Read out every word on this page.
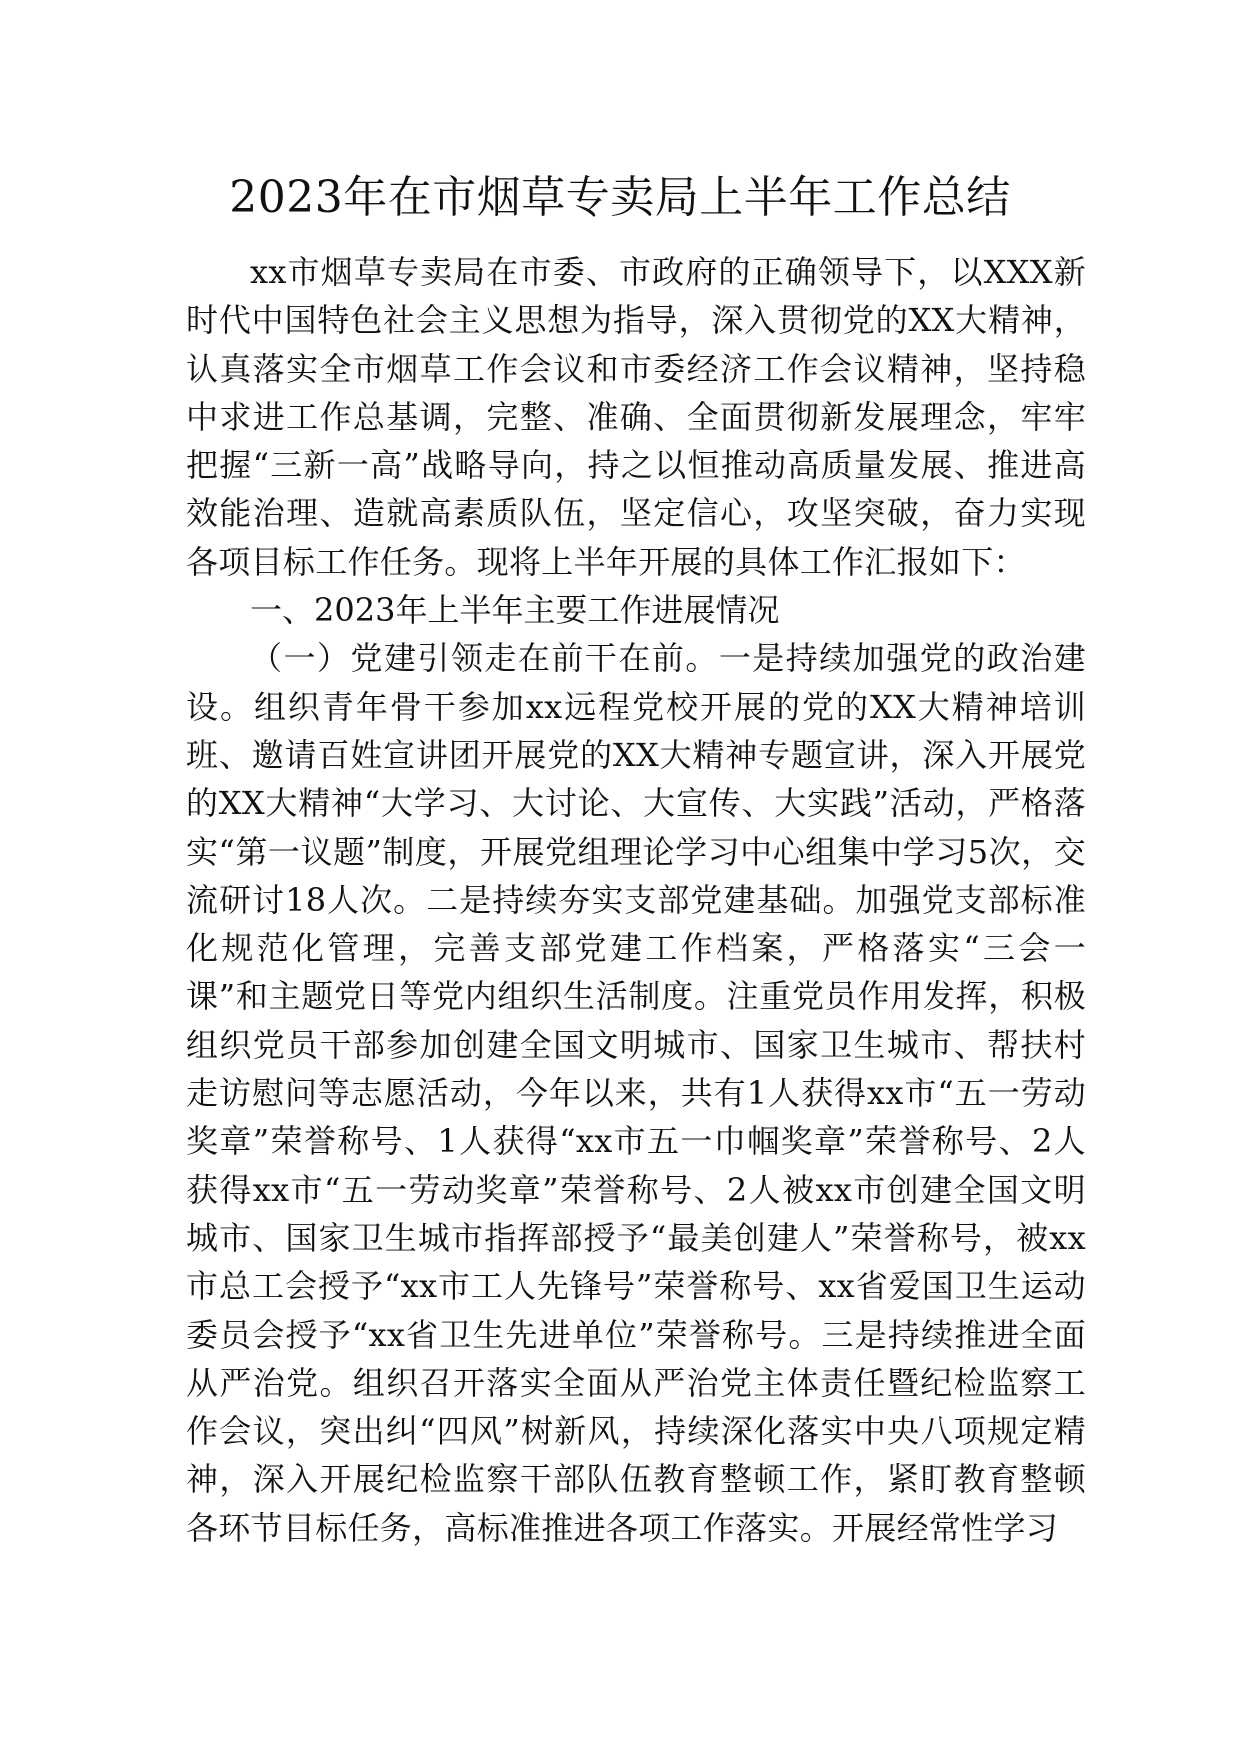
2023年在市烟草专卖局上半年工作总结

xx市烟草专卖局在市委、市政府的正确领导下，以XXX新时代中国特色社会主义思想为指导，深入贯彻党的XX大精神，认真落实全市烟草工作会议和市委经济工作会议精神，坚持稳中求进工作总基调，完整、准确、全面贯彻新发展理念，牢牢把握“三新一高”战略导向，持之以恒推动高质量发展、推进高效能治理、造就高素质队伍，坚定信心，攻坚突破，奋力实现各项目标工作任务。现将上半年开展的具体工作汇报如下：

一、2023年上半年主要工作进展情况

（一）党建引领走在前干在前。一是持续加强党的政治建设。组织青年骨干参加xx远程党校开展的党的XX大精神培训班、邀请百姓宣讲团开展党的XX大精神专题宣讲，深入开展党的XX大精神“大学习、大讨论、大宣传、大实践”活动，严格落实“第一议题”制度，开展党组理论学习中心组集中学习5次，交流研讨18人次。二是持续夯实支部党建基础。加强党支部标准化规范化管理，完善支部党建工作档案，严格落实“三会一课”和主题党日等党内组织生活制度。注重党员作用发挥，积极组织党员干部参加创建全国文明城市、国家卫生城市、帮扶村走访慰问等志愿活动，今年以来，共有1人获得xx市“五一劳动奖章”荣誉称号、1人获得“xx市五一巾帼奖章”荣誉称号、2人获得xx市“五一劳动奖章”荣誉称号、2人被xx市创建全国文明城市、国家卫生城市指挥部授予“最美创建人”荣誉称号，被xx市总工会授予“xx市工人先锋号”荣誉称号、xx省爱国卫生运动委员会授予“xx省卫生先进单位”荣誉称号。三是持续推进全面从严治党。组织召开落实全面从严治党主体责任暨纪检监察工作会议，突出纠“四风”树新风，持续深化落实中央八项规定精神，深入开展纪检监察干部队伍教育整顿工作，紧盯教育整顿各环节目标任务，高标准推进各项工作落实。开展经常性学习
